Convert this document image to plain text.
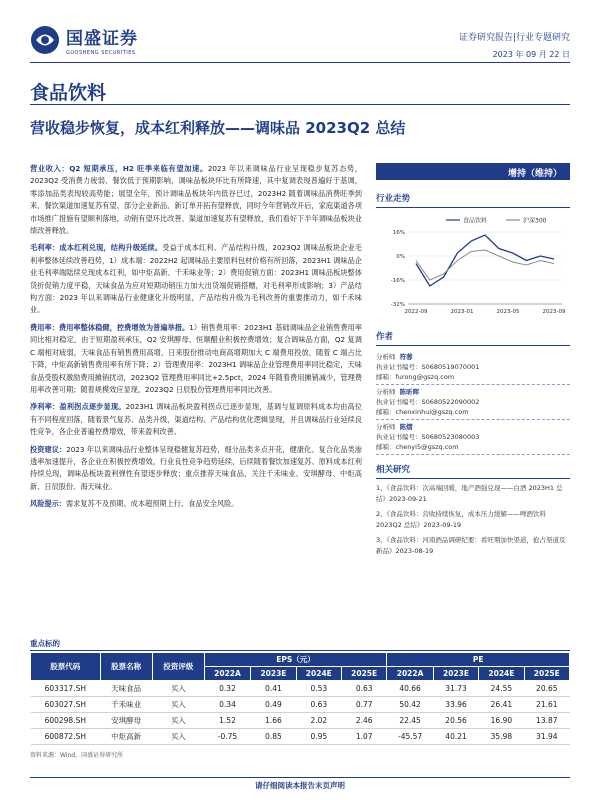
国盛证券
GUOSHENG SECURITIES
证券研究报告|行业专题研究
2023 年 09 月 22 日
食品饮料
营收稳步恢复，成本红利释放——调味品 2023Q2 总结

营业收入：Q2 短期承压，H2 旺季来临有望加速。2023 年以来调味品行业呈现稳步复苏态势，2023Q2 受消费力疲弱、餐饮低于预期影响，调味品板块环比有所降速，其中复调表现普遍好于基调，零添加品类表现较高势能；展望全年，预计调味品板块年内低谷已过，2023H2 随着调味品消费旺季到来，餐饮渠道加速复苏有望、部分企业新品、新订单开拓有望释放，同时今年营销改开后，家庭渠道各项市场推广措施有望顺利落地，动销有望环比改善、渠道加速复苏有望释放，我们看好下半年调味品板块业绩改善释放。

毛利率：成本红利兑现，结构升级延续。受益于成本红利、产品结构升级，2023Q2 调味品板块企业毛利率整体延续改善趋势，1）成本端：2022H2 起调味品主要原料包材价格有所回落，2023H1 调味品企业毛利率端陆续兑现成本红利，如中炬高新、千禾味业等；2）费用促销方面：2023H1 调味品板块整体货折促销力度平稳，天味食品为应对短期动销压力加大出货端促销搭赠，对毛利率形成影响；3）产品结构方面：2023 年以来调味品行业健康化升级明显，产品结构升级为毛利改善的重要推动力，如千禾味业。

费用率：费用率整体稳健，控费增效为普遍举措。1）销售费用率：2023H1 基础调味品企业销售费用率同比相对稳定，由于短期盈利承压，Q2 安琪酵母、恒顺醋业积极控费增效；复合调味品方面，Q2 复调 C 端相对疲弱，天味食品有销售费用高增，日来股份推动电商高增期加大 C 端费用投放，随着 C 端占比下降，中炬高新销售费用率有所下降；2）管理费用率：2023H1 调味品企业管理费用率同比稳定，天味食品受股权激励费用摊销扰动，2023Q2 管理费用率同比+2.5pct，2024 年随着费用摊销减少，管理费用率改善可期；随着规模效应显现，2023Q2 日辰股份管理费用率同比改善。

净利率：盈利拐点逐步显现。2023H1 调味品板块盈利拐点已逐步显现，基调与复调原料成本均由高位有不同程度回落，随着景气复苏、品类升级，渠道结构、产品结构优化逻辑显现，并且调味品行业延续良性竞争，各企业普遍控费增效，带来盈利改善。

投资建议：2023 年以来调味品行业整体呈现稳健复苏趋势，细分品类多点开花，健康化、复合化品类渗透率加速提升，各企业在积极控费增效，行业良性竞争趋势延续，后续随着餐饮加速复苏、原料成本红利持续兑现，调味品板块盈利弹性有望逐步释放；重点推荐天味食品，关注千禾味业、安琪酵母、中炬高新、日辰股份、海天味业。

风险提示：需求复苏不及预期、成本超预期上行、食品安全风险。

增持（维持）
行业走势
食品饮料	沪深300
16%
0%
-16%
-32%
2022-09	2023-01	2023-05	2023-09
作者
分析师 符蓉
执业证书编号：S0680519070001
邮箱：furong@gszq.com
分析师 陈昕晖
执业证书编号：S0680522090002
邮箱：chenxinhui@gszq.com
分析师 陈熠
执业证书编号：S0680523080003
邮箱：chenyi5@gszq.com
相关研究
1、《食品饮料：次高端回暖，地产酒强兑现——白酒 2023H1 总结》2023-09-21
2、《食品饮料：营收持续恢复，成本压力缓解——啤酒饮料 2023Q2 总结》2023-09-19
3、《食品饮料：河南酒品调研纪要：看旺期加快渠道，抢占渠道及新品》2023-08-19
重点标的
股票代码	股票名称	投资评级	EPS（元）				PE			
			2022A	2023E	2024E	2025E	2022A	2023E	2024E	2025E
603317.SH	天味食品	买入	0.32	0.41	0.53	0.63	40.66	31.73	24.55	20.65
603027.SH	千禾味业	买入	0.34	0.49	0.63	0.77	50.42	33.96	26.41	21.61
600298.SH	安琪酵母	买入	1.52	1.66	2.02	2.46	22.45	20.56	16.90	13.87
600872.SH	中炬高新	买入	-0.75	0.85	0.95	1.07	-45.57	40.21	35.98	31.94
资料来源：Wind，国盛证券研究所
请仔细阅读本报告末页声明
